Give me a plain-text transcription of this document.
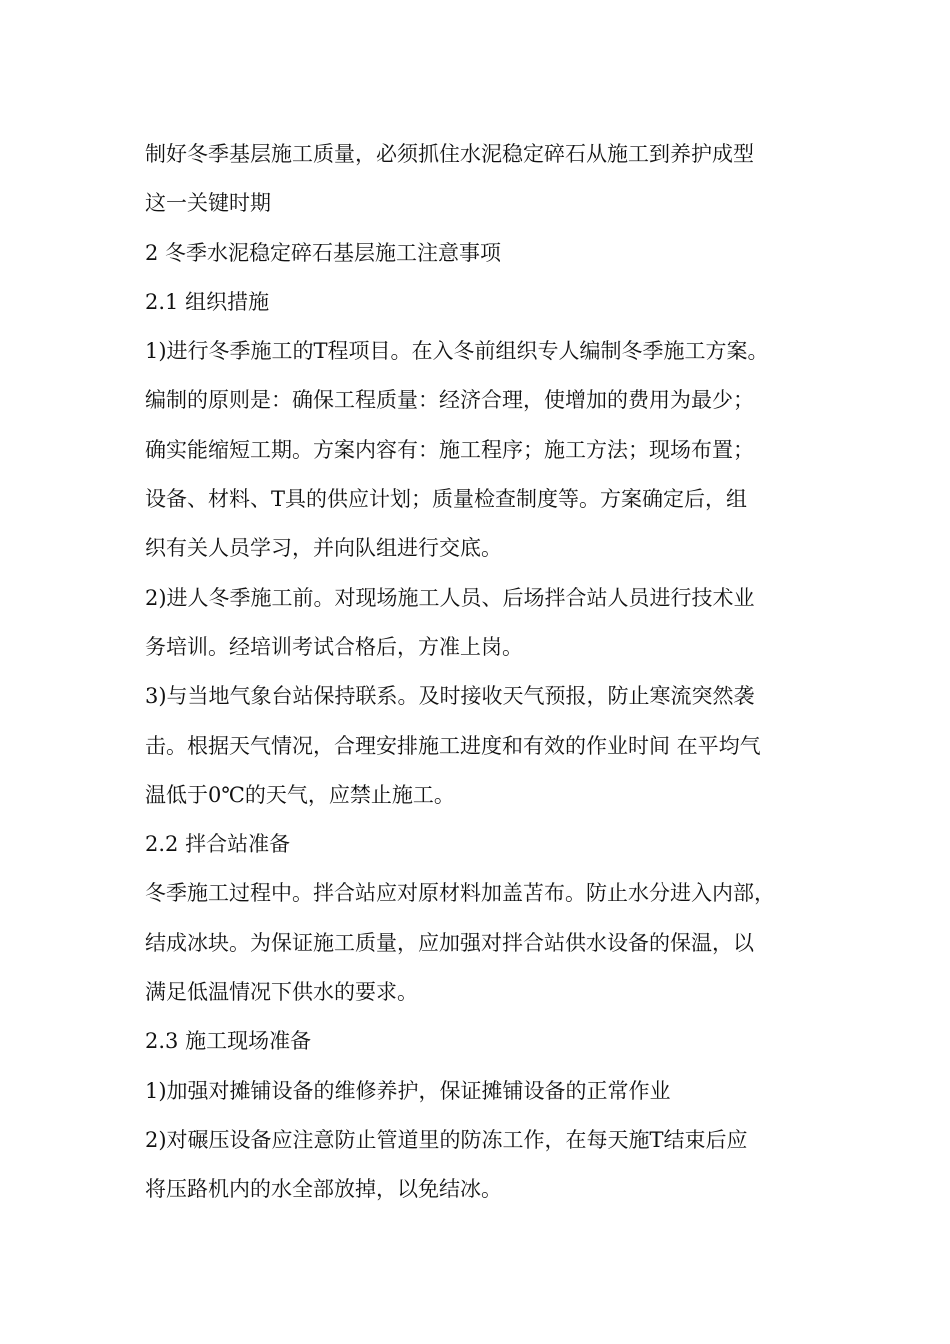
制好冬季基层施工质量，必须抓住水泥稳定碎石从施工到养护成型

这一关键时期

2 冬季水泥稳定碎石基层施工注意事项

2.1 组织措施

1)进行冬季施工的T程项目。在入冬前组织专人编制冬季施工方案。

编制的原则是：确保工程质量：经济合理，使增加的费用为最少；

确实能缩短工期。方案内容有：施工程序；施工方法；现场布置；

设备、材料、T具的供应计划；质量检查制度等。方案确定后，组

织有关人员学习，并向队组进行交底。

2)进人冬季施工前。对现场施工人员、后场拌合站人员进行技术业

务培训。经培训考试合格后，方准上岗。

3)与当地气象台站保持联系。及时接收天气预报，防止寒流突然袭

击。根据天气情况，合理安排施工进度和有效的作业时间 在平均气

温低于0℃的天气，应禁止施工。

2.2 拌合站准备

冬季施工过程中。拌合站应对原材料加盖苫布。防止水分进入内部，

结成冰块。为保证施工质量，应加强对拌合站供水设备的保温，以

满足低温情况下供水的要求。

2.3 施工现场准备

1)加强对摊铺设备的维修养护，保证摊铺设备的正常作业

2)对碾压设备应注意防止管道里的防冻工作，在每天施T结束后应

将压路机内的水全部放掉，以免结冰。
